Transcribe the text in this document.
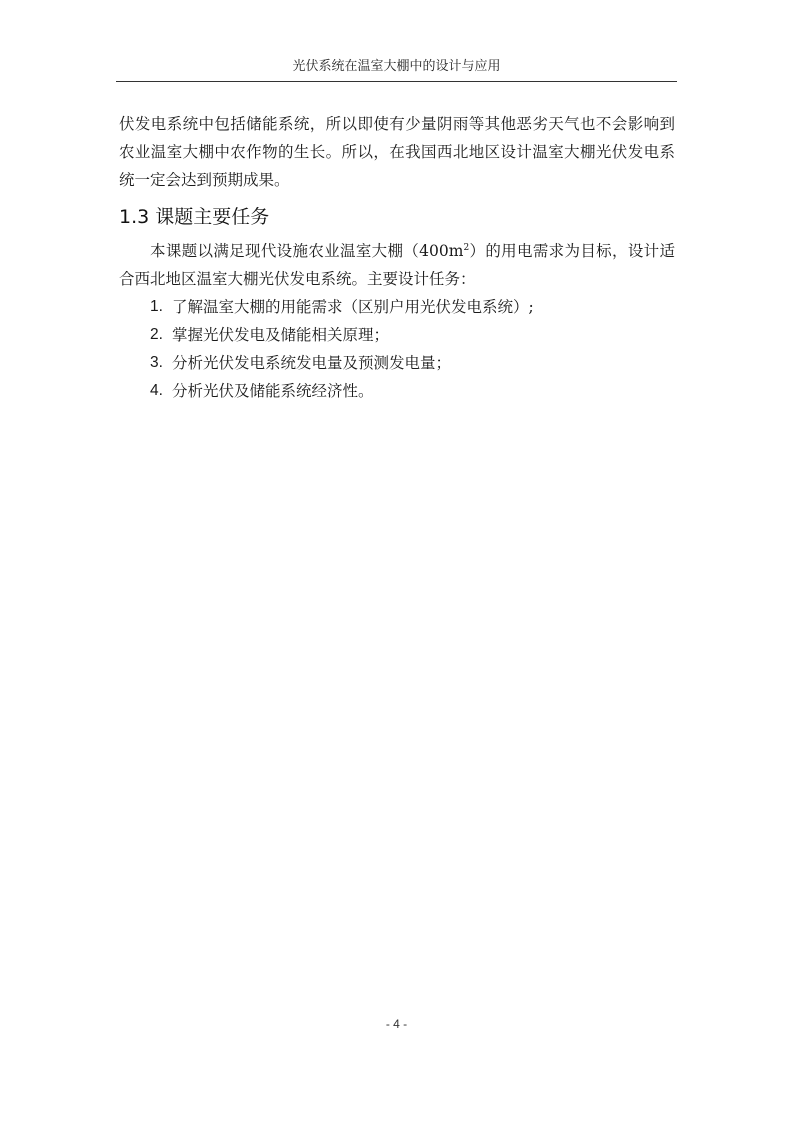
光伏系统在温室大棚中的设计与应用

伏发电系统中包括储能系统，所以即使有少量阴雨等其他恶劣天气也不会影响到农业温室大棚中农作物的生长。所以，在我国西北地区设计温室大棚光伏发电系统一定会达到预期成果。

1.3 课题主要任务

本课题以满足现代设施农业温室大棚$(400m^2)$的用电需求为目标，设计适合西北地区温室大棚光伏发电系统。主要设计任务：

1. 了解温室大棚的用能需求（区别户用光伏发电系统）;
2. 掌握光伏发电及储能相关原理；
3. 分析光伏发电系统发电量及预测发电量；
4. 分析光伏及储能系统经济性。
- 4 -
